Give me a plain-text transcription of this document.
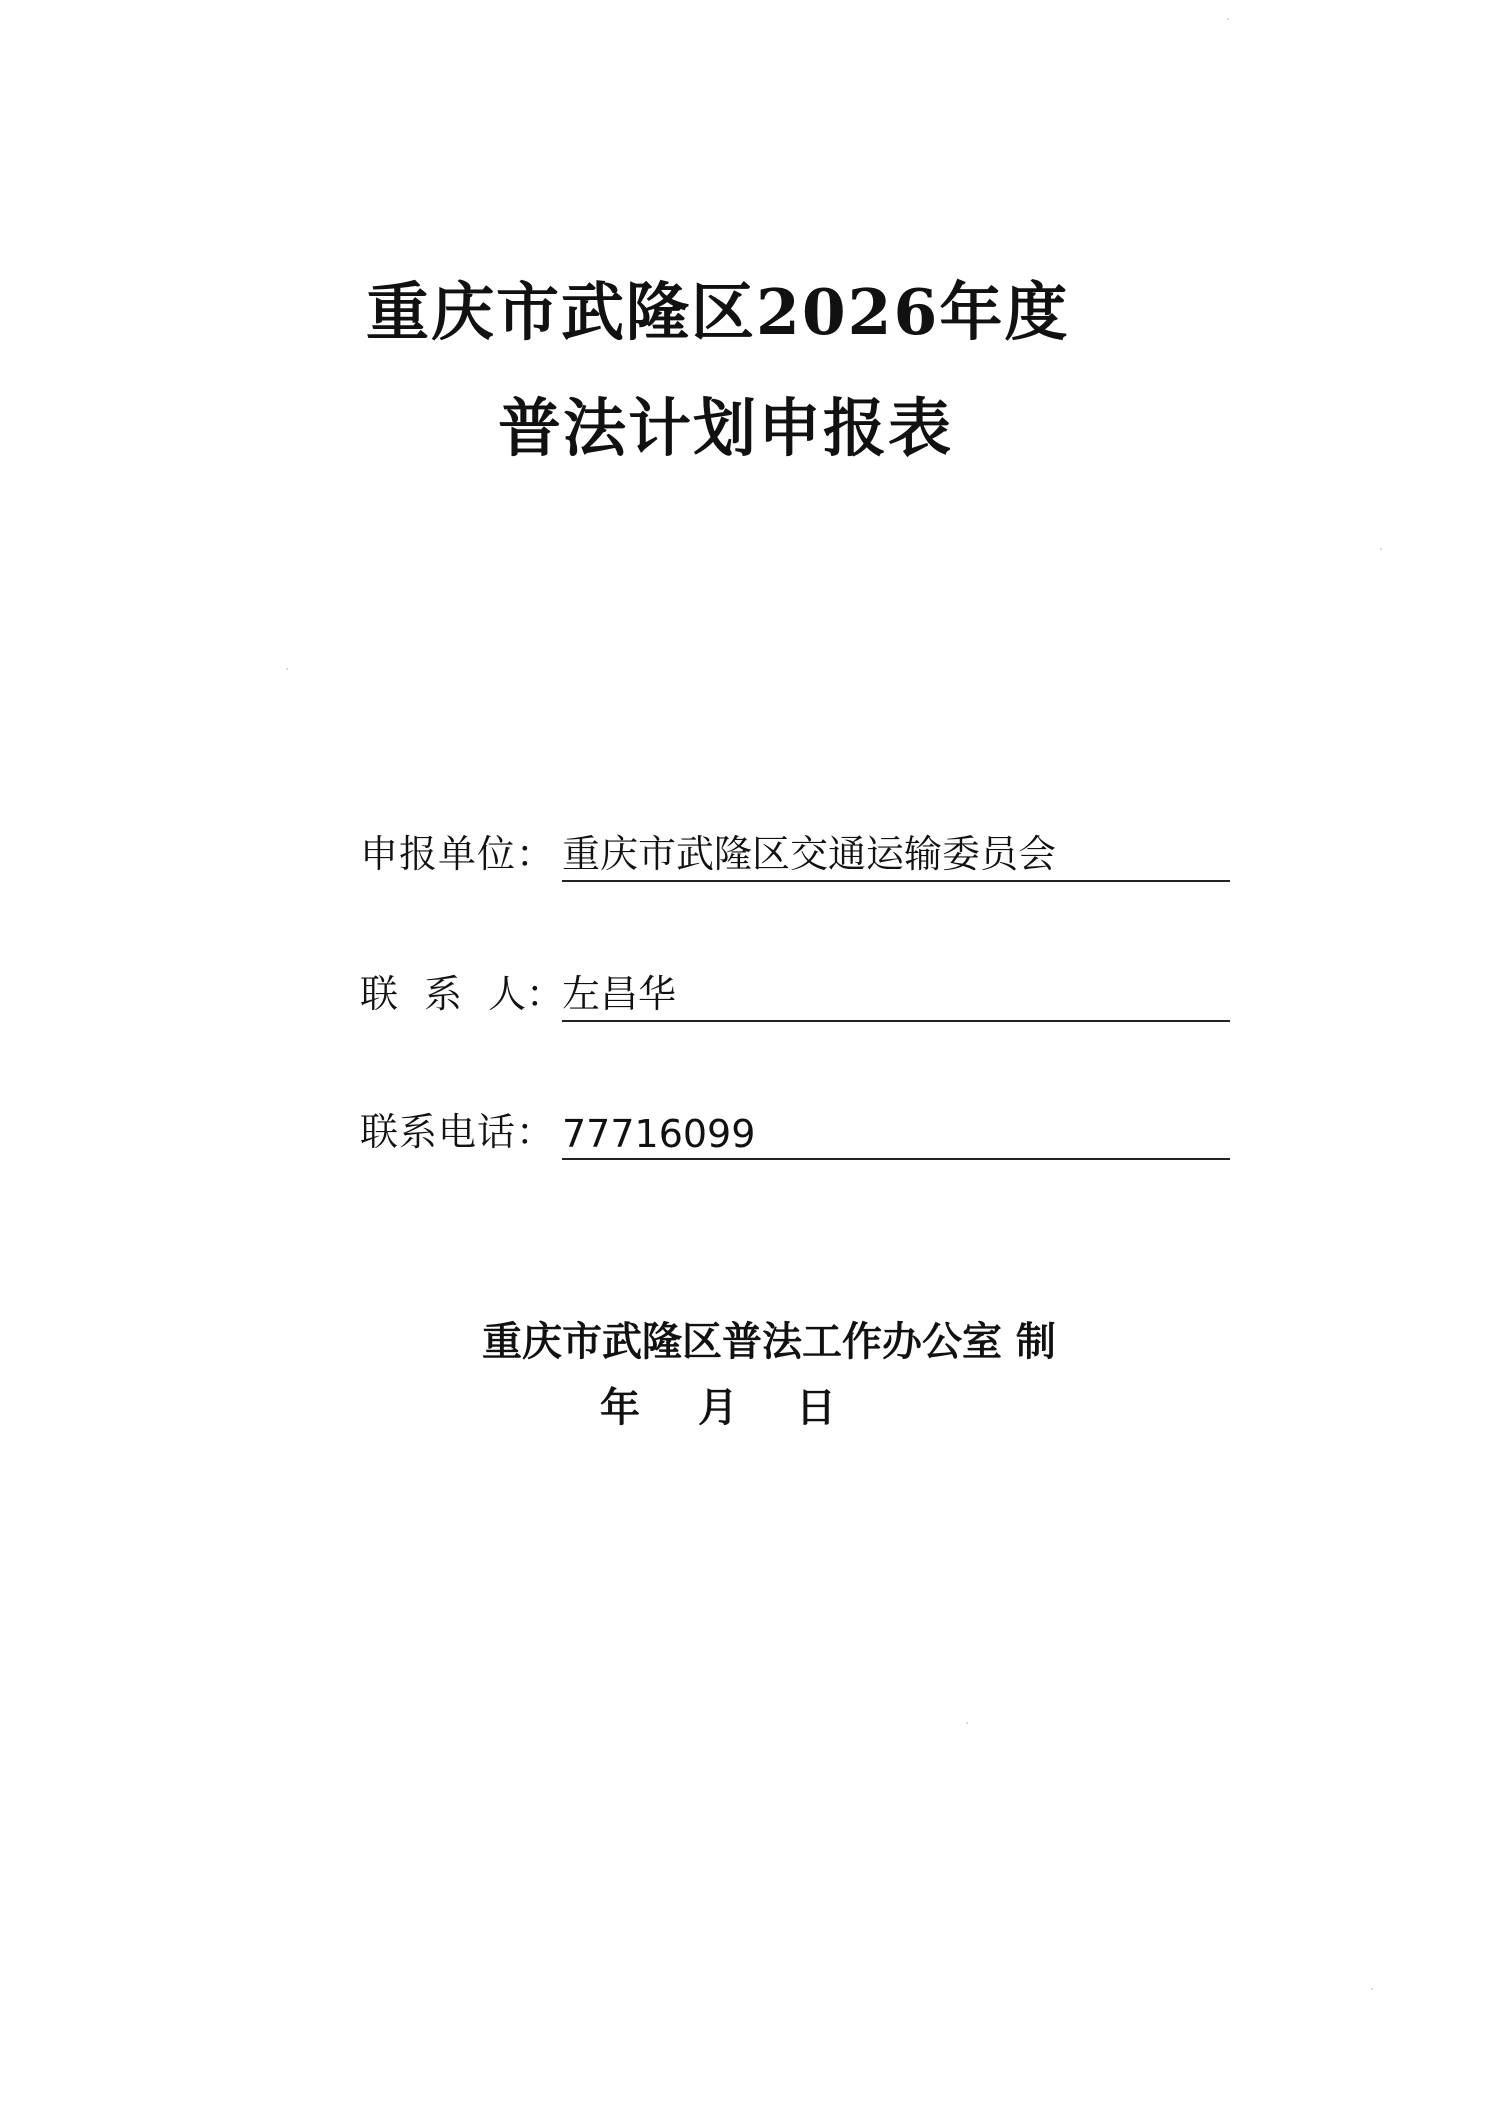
重庆市武隆区2026年度
普法计划申报表
申报单位： 重庆市武隆区交通运输委员会
联 系 人：
左昌华
联系电话： 77716099
重庆市武隆区普法工作办公室 制
年 月 日
